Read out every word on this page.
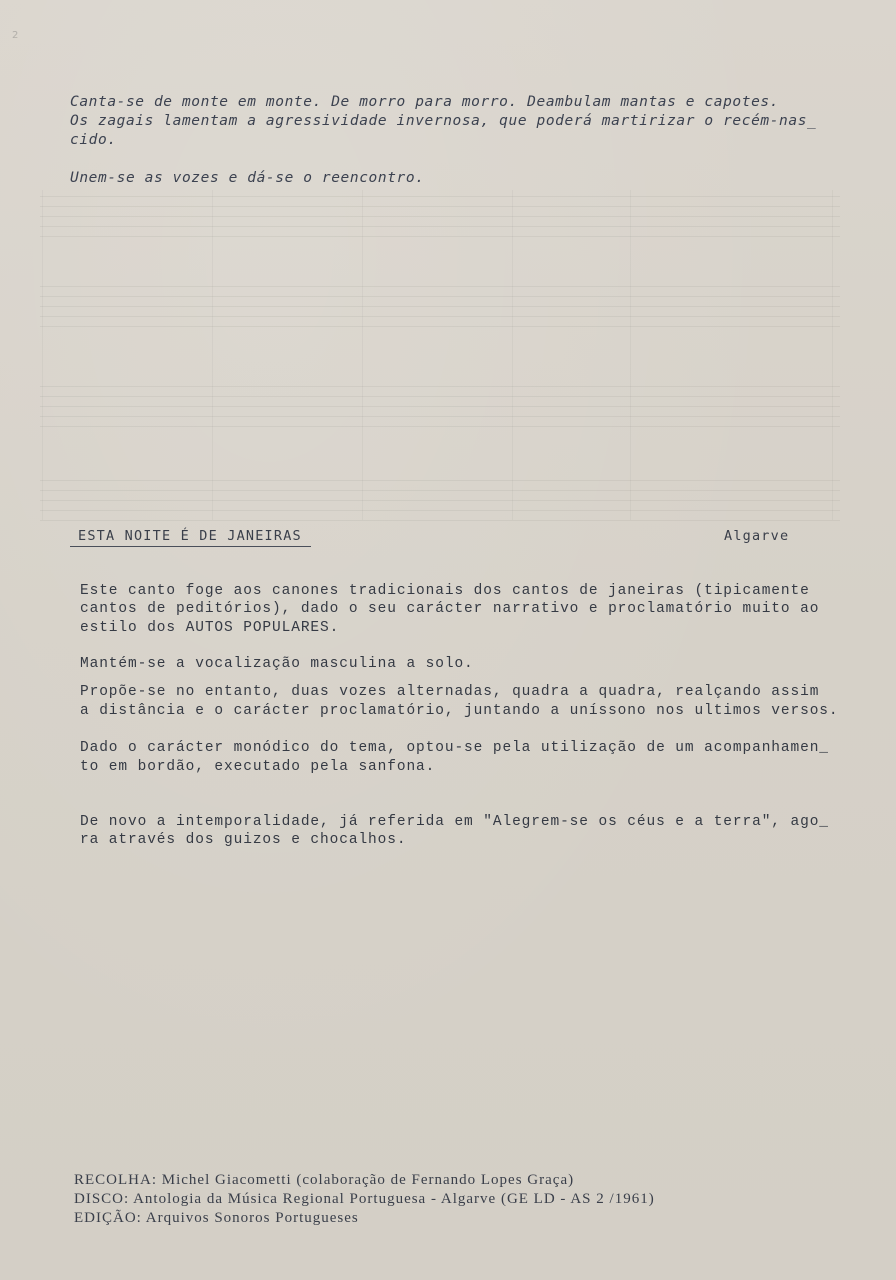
2
Canta-se de monte em monte. De morro para morro. Deambulam mantas e capotes.
Os zagais lamentam a agressividade invernosa, que poderá martirizar o recém-nas_
cido.
Unem-se as vozes e dá-se o reencontro.
ESTA NOITE É DE JANEIRAS	Algarve
Este canto foge aos canones tradicionais dos cantos de janeiras (tipicamente
cantos de peditórios), dado o seu carácter narrativo e proclamatório muito ao
estilo dos AUTOS POPULARES.
Mantém-se a vocalização masculina a solo.
Propõe-se no entanto, duas vozes alternadas, quadra a quadra, realçando assim
a distância e o carácter proclamatório, juntando a uníssono nos ultimos versos.
Dado o carácter monódico do tema, optou-se pela utilização de um acompanhamen_
to em bordão, executado pela sanfona.
De novo a intemporalidade, já referida em "Alegrem-se os céus e a terra", ago_
ra através dos guizos e chocalhos.
RECOLHA: Michel Giacometti (colaboração de Fernando Lopes Graça)
DISCO: Antologia da Música Regional Portuguesa - Algarve (GE LD - AS 2 /1961)
EDIÇÃO: Arquivos Sonoros Portugueses
